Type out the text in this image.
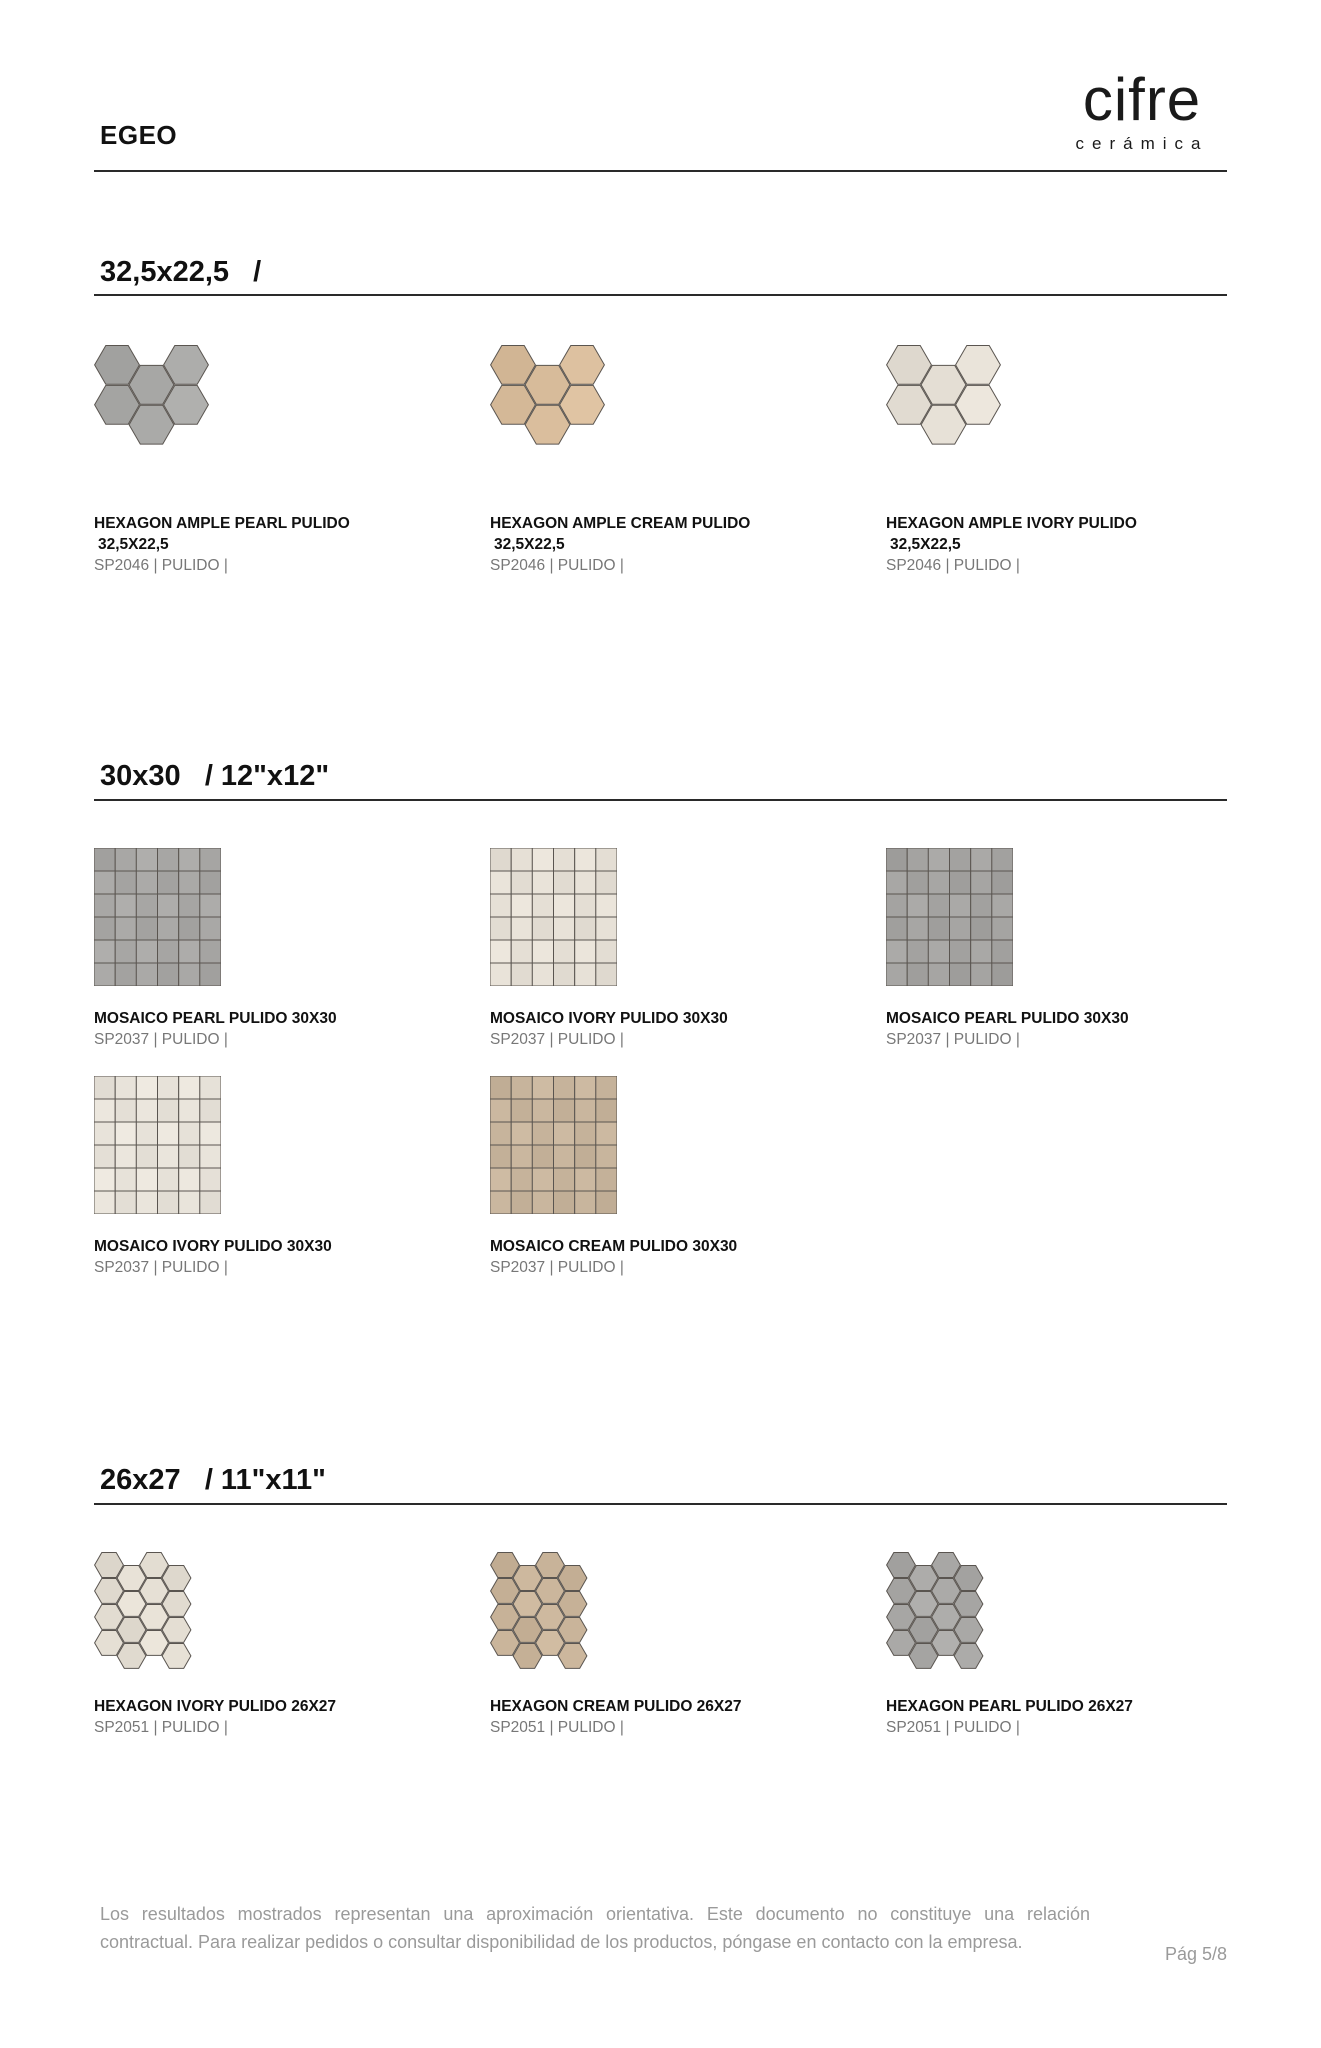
EGEO
cifre
cerámica
32,5x22,5   /
HEXAGON AMPLE PEARL PULIDO
32,5X22,5
SP2046 | PULIDO |
HEXAGON AMPLE CREAM PULIDO
32,5X22,5
SP2046 | PULIDO |
HEXAGON AMPLE IVORY PULIDO
32,5X22,5
SP2046 | PULIDO |
30x30   / 12"x12"
MOSAICO PEARL PULIDO 30X30
SP2037 | PULIDO |
MOSAICO IVORY PULIDO 30X30
SP2037 | PULIDO |
MOSAICO PEARL PULIDO 30X30
SP2037 | PULIDO |
MOSAICO IVORY PULIDO 30X30
SP2037 | PULIDO |
MOSAICO CREAM PULIDO 30X30
SP2037 | PULIDO |
26x27   / 11"x11"
HEXAGON IVORY PULIDO 26X27
SP2051 | PULIDO |
HEXAGON CREAM PULIDO 26X27
SP2051 | PULIDO |
HEXAGON PEARL PULIDO 26X27
SP2051 | PULIDO |
Los resultados mostrados representan una aproximación orientativa. Este documento no constituye una relación contractual. Para realizar pedidos o consultar disponibilidad de los productos, póngase en contacto con la empresa.
Pág 5/8
